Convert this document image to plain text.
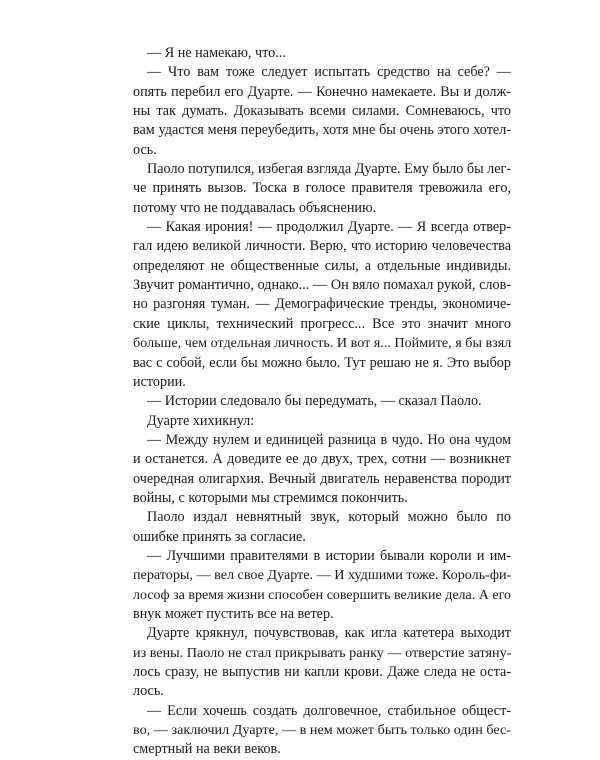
— Я не намекаю, что...
— Что вам тоже следует испытать средство на себе? —
опять перебил его Дуарте. — Конечно намекаете. Вы и долж-
ны так думать. Доказывать всеми силами. Сомневаюсь, что
вам удастся меня переубедить, хотя мне бы очень этого хотел-
ось.
Паоло потупился, избегая взгляда Дуарте. Ему было бы лег-
че принять вызов. Тоска в голосе правителя тревожила его,
потому что не поддавалась объяснению.
— Какая ирония! — продолжил Дуарте. — Я всегда отвер-
гал идею великой личности. Верю, что историю человечества
определяют не общественные силы, а отдельные индивиды.
Звучит романтично, однако... — Он вяло помахал рукой, слов-
но разгоняя туман. — Демографические тренды, экономиче-
ские циклы, технический прогресс... Все это значит много
больше, чем отдельная личность. И вот я... Поймите, я бы взял
вас с собой, если бы можно было. Тут решаю не я. Это выбор
истории.
— Истории следовало бы передумать, — сказал Паоло.
Дуарте хихикнул:
— Между нулем и единицей разница в чудо. Но она чудом
и останется. А доведите ее до двух, трех, сотни — возникнет
очередная олигархия. Вечный двигатель неравенства породит
войны, с которыми мы стремимся покончить.
Паоло издал невнятный звук, который можно было по
ошибке принять за согласие.
— Лучшими правителями в истории бывали короли и им-
ператоры, — вел свое Дуарте. — И худшими тоже. Король-фи-
лософ за время жизни способен совершить великие дела. А его
внук может пустить все на ветер.
Дуарте крякнул, почувствовав, как игла катетера выходит
из вены. Паоло не стал прикрывать ранку — отверстие затяну-
лось сразу, не выпустив ни капли крови. Даже следа не оста-
лось.
— Если хочешь создать долговечное, стабильное общест-
во, — заключил Дуарте, — в нем может быть только один бес-
смертный на веки веков.
